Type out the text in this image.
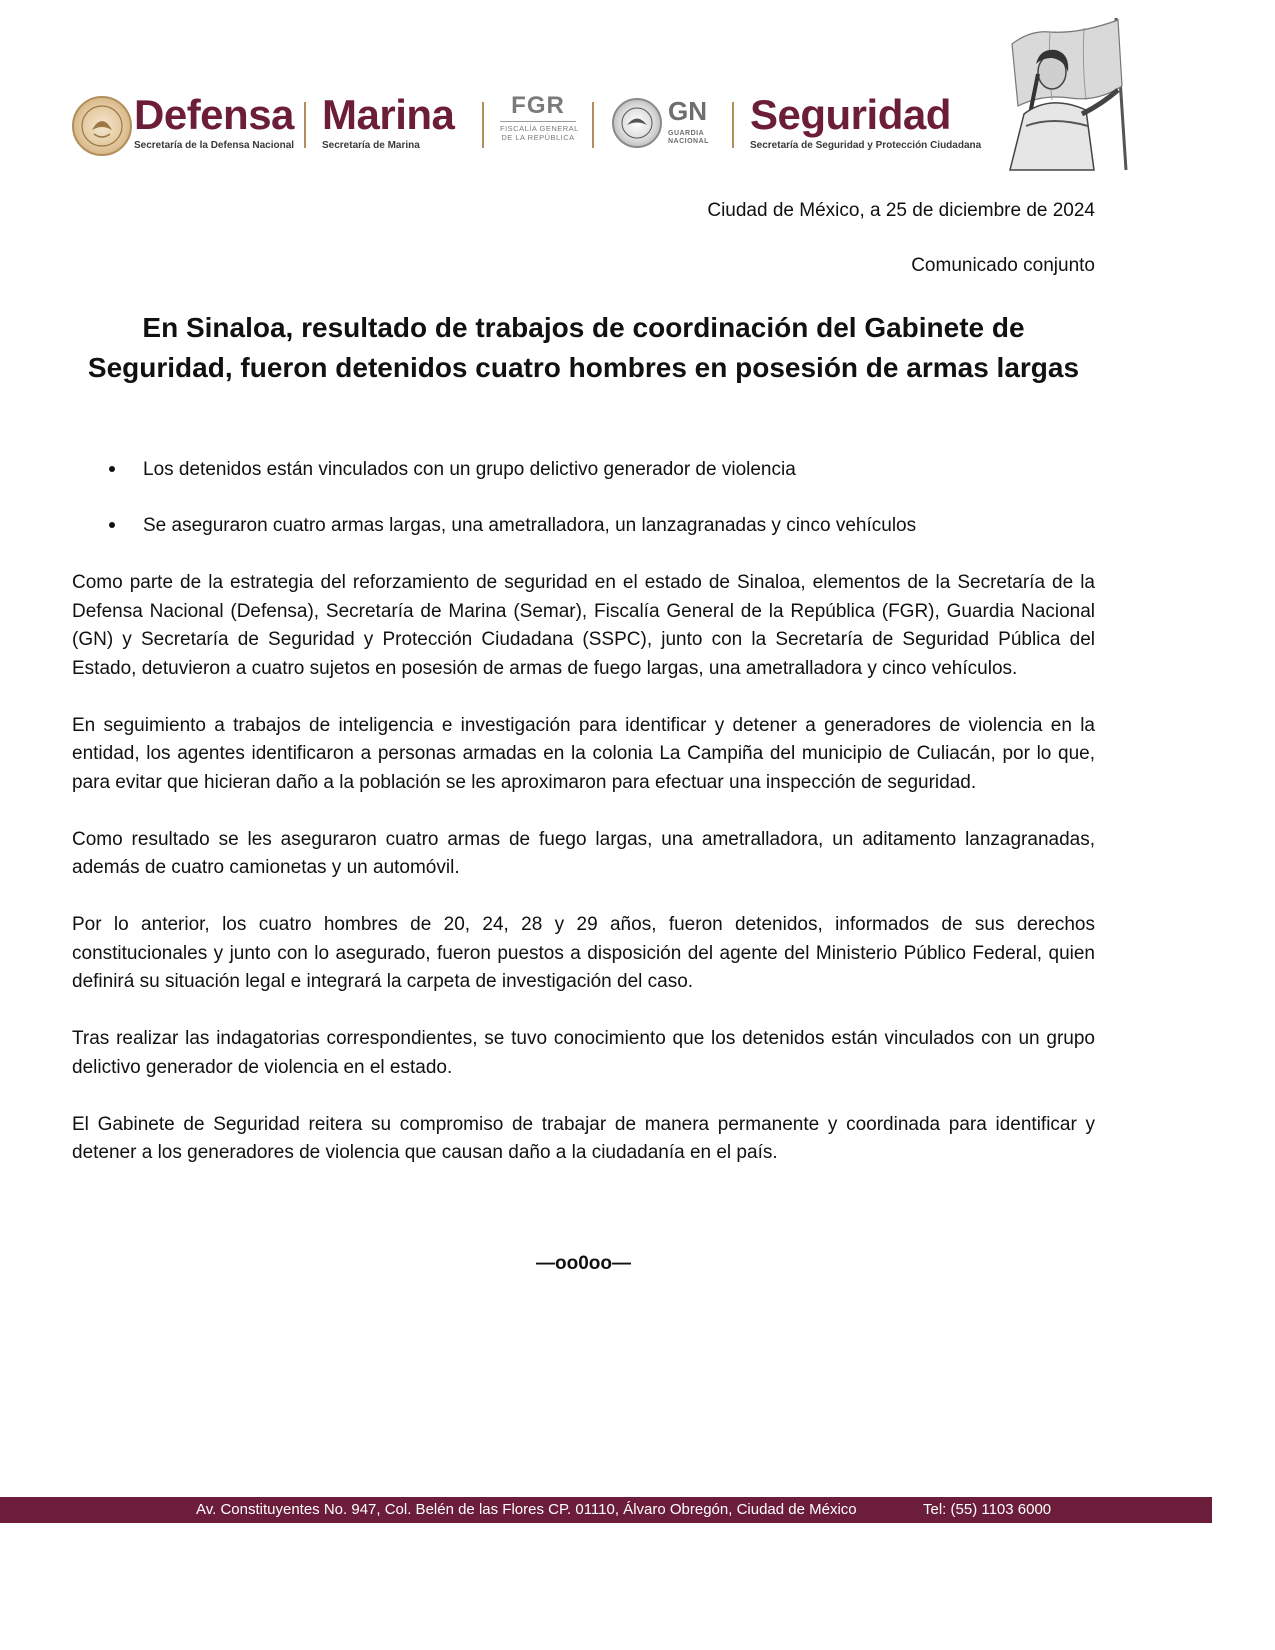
Defensa
Secretaría de la Defensa Nacional
Marina
Secretaría de Marina
FGR
FISCALÍA GENERAL
DE LA REPÚBLICA
GN
GUARDIA
NACIONAL
Seguridad
Secretaría de Seguridad y Protección Ciudadana
Ciudad de México, a 25 de diciembre de 2024
Comunicado conjunto
En Sinaloa, resultado de trabajos de coordinación del Gabinete de Seguridad, fueron detenidos cuatro hombres en posesión de armas largas
Los detenidos están vinculados con un grupo delictivo generador de violencia
Se aseguraron cuatro armas largas, una ametralladora, un lanzagranadas y cinco vehículos

Como parte de la estrategia del reforzamiento de seguridad en el estado de Sinaloa, elementos de la Secretaría de la Defensa Nacional (Defensa), Secretaría de Marina (Semar), Fiscalía General de la República (FGR), Guardia Nacional (GN) y Secretaría de Seguridad y Protección Ciudadana (SSPC), junto con la Secretaría de Seguridad Pública del Estado, detuvieron a cuatro sujetos en posesión de armas de fuego largas, una ametralladora y cinco vehículos.

En seguimiento a trabajos de inteligencia e investigación para identificar y detener a generadores de violencia en la entidad, los agentes identificaron a personas armadas en la colonia La Campiña del municipio de Culiacán, por lo que, para evitar que hicieran daño a la población se les aproximaron para efectuar una inspección de seguridad.

Como resultado se les aseguraron cuatro armas de fuego largas, una ametralladora, un aditamento lanzagranadas, además de cuatro camionetas y un automóvil.

Por lo anterior, los cuatro hombres de 20, 24, 28 y 29 años, fueron detenidos, informados de sus derechos constitucionales y junto con lo asegurado, fueron puestos a disposición del agente del Ministerio Público Federal, quien definirá su situación legal e integrará la carpeta de investigación del caso.

Tras realizar las indagatorias correspondientes, se tuvo conocimiento que los detenidos están vinculados con un grupo delictivo generador de violencia en el estado.

El Gabinete de Seguridad reitera su compromiso de trabajar de manera permanente y coordinada para identificar y detener a los generadores de violencia que causan daño a la ciudadanía en el país.

—oo0oo—
Av. Constituyentes No. 947, Col. Belén de las Flores CP. 01110, Álvaro Obregón, Ciudad de México	Tel: (55) 1103 6000
